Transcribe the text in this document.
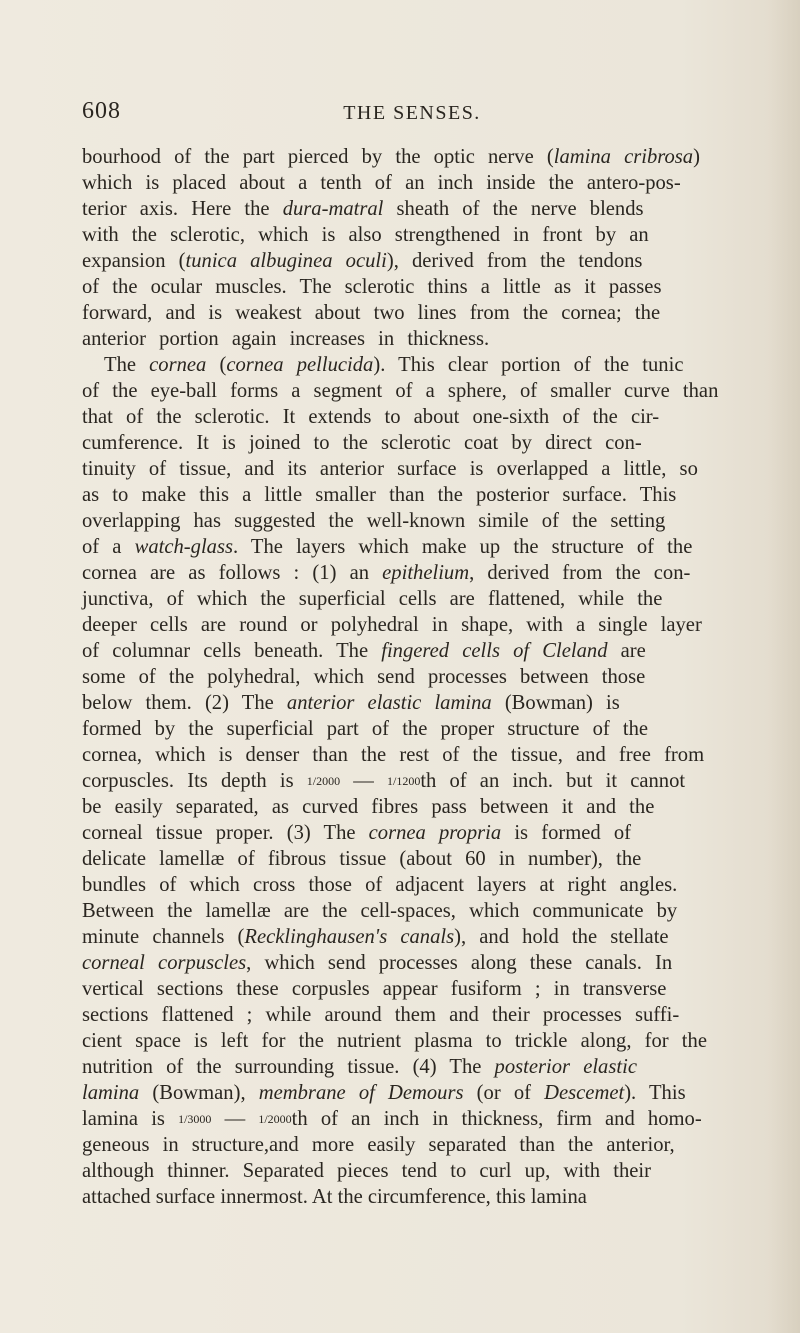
608	THE SENSES.
bourhood of the part pierced by the optic nerve (lamina cribrosa)
which is placed about a tenth of an inch inside the antero-pos-
terior axis. Here the dura-matral sheath of the nerve blends
with the sclerotic, which is also strengthened in front by an
expansion (tunica albuginea oculi), derived from the tendons
of the ocular muscles. The sclerotic thins a little as it passes
forward, and is weakest about two lines from the cornea; the
anterior portion again increases in thickness.
The cornea (cornea pellucida). This clear portion of the tunic
of the eye-ball forms a segment of a sphere, of smaller curve than
that of the sclerotic. It extends to about one-sixth of the cir-
cumference. It is joined to the sclerotic coat by direct con-
tinuity of tissue, and its anterior surface is overlapped a little, so
as to make this a little smaller than the posterior surface. This
overlapping has suggested the well-known simile of the setting
of a watch-glass. The layers which make up the structure of the
cornea are as follows : (1) an epithelium, derived from the con-
junctiva, of which the superficial cells are flattened, while the
deeper cells are round or polyhedral in shape, with a single layer
of columnar cells beneath. The fingered cells of Cleland are
some of the polyhedral, which send processes between those
below them. (2) The anterior elastic lamina (Bowman) is
formed by the superficial part of the proper structure of the
cornea, which is denser than the rest of the tissue, and free from
corpuscles. Its depth is 1/2000 — 1/1200th of an inch. but it cannot
be easily separated, as curved fibres pass between it and the
corneal tissue proper. (3) The cornea propria is formed of
delicate lamellæ of fibrous tissue (about 60 in number), the
bundles of which cross those of adjacent layers at right angles.
Between the lamellæ are the cell-spaces, which communicate by
minute channels (Recklinghausen's canals), and hold the stellate
corneal corpuscles, which send processes along these canals. In
vertical sections these corpusles appear fusiform ; in transverse
sections flattened ; while around them and their processes suffi-
cient space is left for the nutrient plasma to trickle along, for the
nutrition of the surrounding tissue. (4) The posterior elastic
lamina (Bowman), membrane of Demours (or of Descemet). This
lamina is 1/3000 — 1/2000th of an inch in thickness, firm and homo-
geneous in structure,and more easily separated than the anterior,
although thinner. Separated pieces tend to curl up, with their
attached surface innermost. At the circumference, this lamina
